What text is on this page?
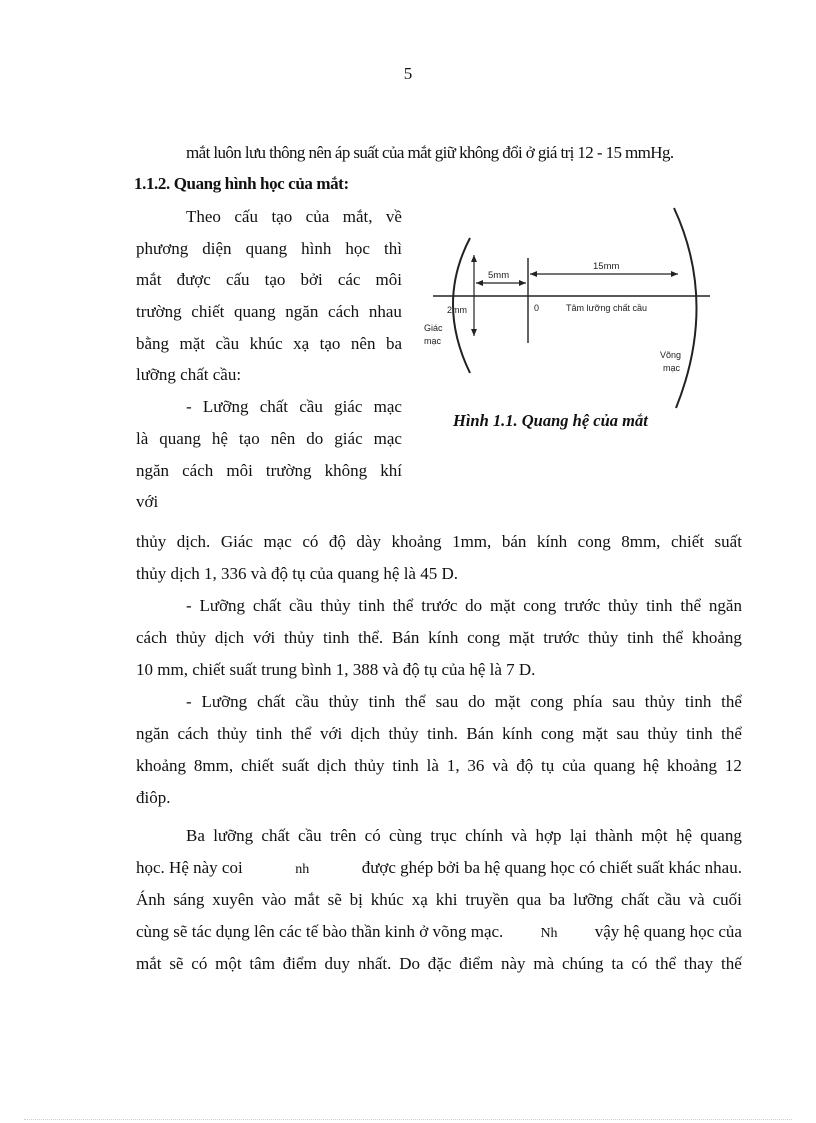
5
mắt luôn lưu thông nên áp suất của mắt giữ không đổi ở giá trị 12 - 15 mmHg.
1.1.2. Quang hình học của mắt:
Theo cấu tạo của mắt, về
phương diện quang hình học thì
mắt được cấu tạo bởi các môi
trường chiết quang ngăn cách nhau
bằng mặt cầu khúc xạ tạo nên ba
lưỡng chất cầu:
- Lưỡng chất cầu giác mạc
là quang hệ tạo nên do giác mạc
ngăn cách môi trường không khí
với
5mm
15mm
2mm	0	Tâm lưỡng chất cầu
Giác
mạc
Võng
mạc
Hình 1.1. Quang hệ của mắt
thủy dịch. Giác mạc có độ dày khoảng 1mm, bán kính cong 8mm, chiết suất
thủy dịch 1, 336 và độ tụ của quang hệ là 45 D.
- Lưỡng chất cầu thủy tinh thể trước do mặt cong trước thủy tinh thể ngăn
cách thủy dịch với thủy tinh thể. Bán kính cong mặt trước thủy tinh thể khoảng
10 mm, chiết suất trung bình 1, 388 và độ tụ của hệ là 7 D.
- Lưỡng chất cầu thủy tinh thể sau do mặt cong phía sau thủy tinh thể
ngăn cách thủy tinh thể với dịch thủy tinh. Bán kính cong mặt sau thủy tinh thể
khoảng 8mm, chiết suất dịch thủy tinh là 1, 36 và độ tụ của quang hệ khoảng 12
điôp.
Ba lưỡng chất cầu trên có cùng trục chính và hợp lại thành một hệ quang
học. Hệ này coi	nh	được ghép bởi ba hệ quang học có chiết suất khác nhau.
Ánh sáng xuyên vào mắt sẽ bị khúc xạ khi truyền qua ba lưỡng chất cầu và cuối
cùng sẽ tác dụng lên các tế bào thần kinh ở võng mạc.	Nh vậy hệ quang học của
mắt sẽ có một tâm điểm duy nhất. Do đặc điểm này mà chúng ta có thể thay thế
